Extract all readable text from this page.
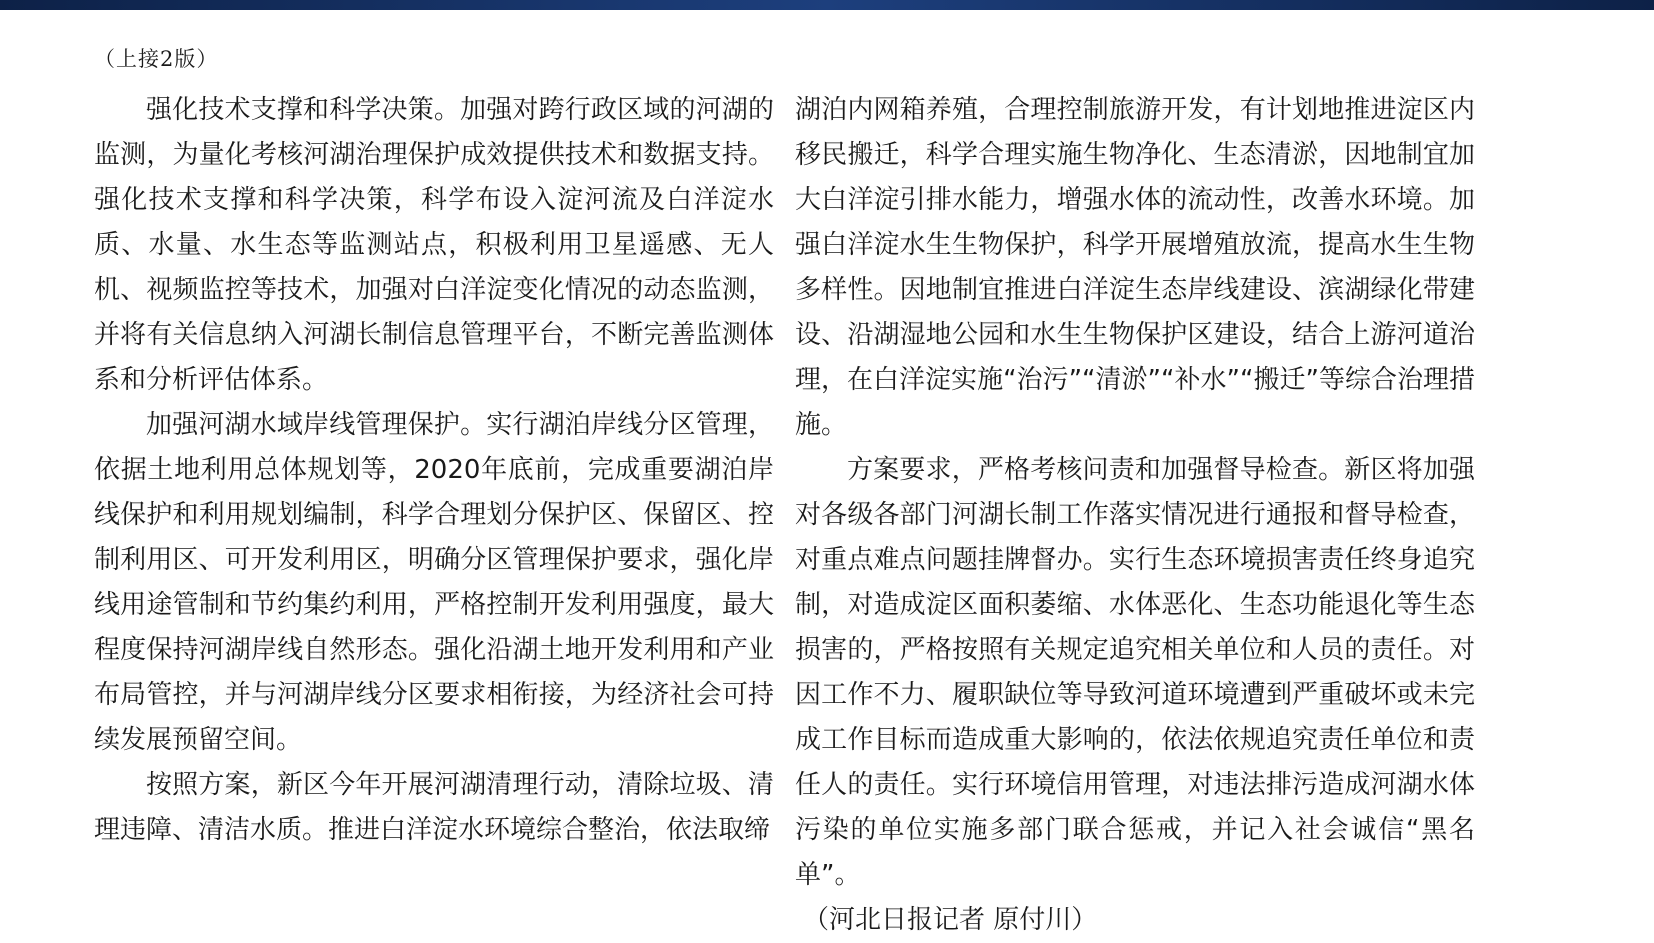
（上接2版）

强化技术支撑和科学决策。加强对跨行政区域的河湖的监测，为量化考核河湖治理保护成效提供技术和数据支持。强化技术支撑和科学决策，科学布设入淀河流及白洋淀水质、水量、水生态等监测站点，积极利用卫星遥感、无人机、视频监控等技术，加强对白洋淀变化情况的动态监测，并将有关信息纳入河湖长制信息管理平台，不断完善监测体系和分析评估体系。

加强河湖水域岸线管理保护。实行湖泊岸线分区管理，依据土地利用总体规划等，2020年底前，完成重要湖泊岸线保护和利用规划编制，科学合理划分保护区、保留区、控制利用区、可开发利用区，明确分区管理保护要求，强化岸线用途管制和节约集约利用，严格控制开发利用强度，最大程度保持河湖岸线自然形态。强化沿湖土地开发利用和产业布局管控，并与河湖岸线分区要求相衔接，为经济社会可持续发展预留空间。

按照方案，新区今年开展河湖清理行动，清除垃圾、清理违障、清洁水质。推进白洋淀水环境综合整治，依法取缔

湖泊内网箱养殖，合理控制旅游开发，有计划地推进淀区内移民搬迁，科学合理实施生物净化、生态清淤，因地制宜加大白洋淀引排水能力，增强水体的流动性，改善水环境。加强白洋淀水生生物保护，科学开展增殖放流，提高水生生物多样性。因地制宜推进白洋淀生态岸线建设、滨湖绿化带建设、沿湖湿地公园和水生生物保护区建设，结合上游河道治理，在白洋淀实施“治污”“清淤”“补水”“搬迁”等综合治理措施。

方案要求，严格考核问责和加强督导检查。新区将加强对各级各部门河湖长制工作落实情况进行通报和督导检查，对重点难点问题挂牌督办。实行生态环境损害责任终身追究制，对造成淀区面积萎缩、水体恶化、生态功能退化等生态损害的，严格按照有关规定追究相关单位和人员的责任。对因工作不力、履职缺位等导致河道环境遭到严重破坏或未完成工作目标而造成重大影响的，依法依规追究责任单位和责任人的责任。实行环境信用管理，对违法排污造成河湖水体污染的单位实施多部门联合惩戒，并记入社会诚信“黑名单”。

（河北日报记者 原付川）
